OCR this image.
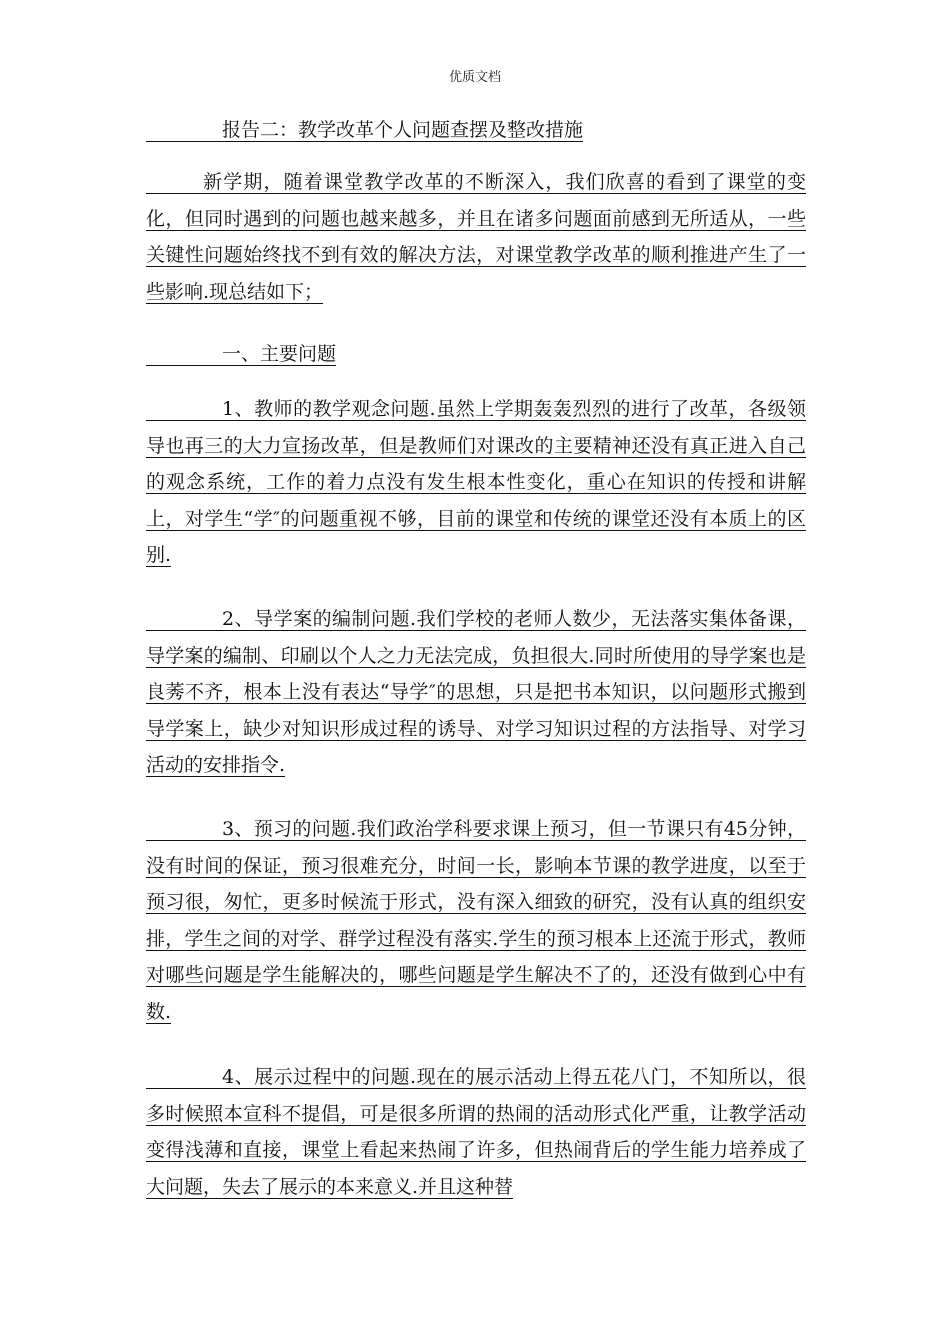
优质文档
报告二：教学改革个人问题查摆及整改措施
新学期，随着课堂教学改革的不断深入，我们欣喜的看到了课堂的变化，但同时遇到的问题也越来越多，并且在诸多问题面前感到无所适从，一些关键性问题始终找不到有效的解决方法，对课堂教学改革的顺利推进产生了一些影响.现总结如下；
一、主要问题
1、教师的教学观念问题.虽然上学期轰轰烈烈的进行了改革，各级领导也再三的大力宣扬改革，但是教师们对课改的主要精神还没有真正进入自己的观念系统，工作的着力点没有发生根本性变化，重心在知识的传授和讲解上，对学生“学″的问题重视不够，目前的课堂和传统的课堂还没有本质上的区别.
2、导学案的编制问题.我们学校的老师人数少，无法落实集体备课，导学案的编制、印刷以个人之力无法完成，负担很大.同时所使用的导学案也是良莠不齐，根本上没有表达“导学″的思想，只是把书本知识，以问题形式搬到导学案上，缺少对知识形成过程的诱导、对学习知识过程的方法指导、对学习活动的安排指令.
3、预习的问题.我们政治学科要求课上预习，但一节课只有45分钟，没有时间的保证，预习很难充分，时间一长，影响本节课的教学进度，以至于预习很，匆忙，更多时候流于形式，没有深入细致的研究，没有认真的组织安排，学生之间的对学、群学过程没有落实.学生的预习根本上还流于形式，教师对哪些问题是学生能解决的，哪些问题是学生解决不了的，还没有做到心中有数.
4、展示过程中的问题.现在的展示活动上得五花八门，不知所以，很多时候照本宣科不提倡，可是很多所谓的热闹的活动形式化严重，让教学活动变得浅薄和直接，课堂上看起来热闹了许多，但热闹背后的学生能力培养成了大问题，失去了展示的本来意义.并且这种替
